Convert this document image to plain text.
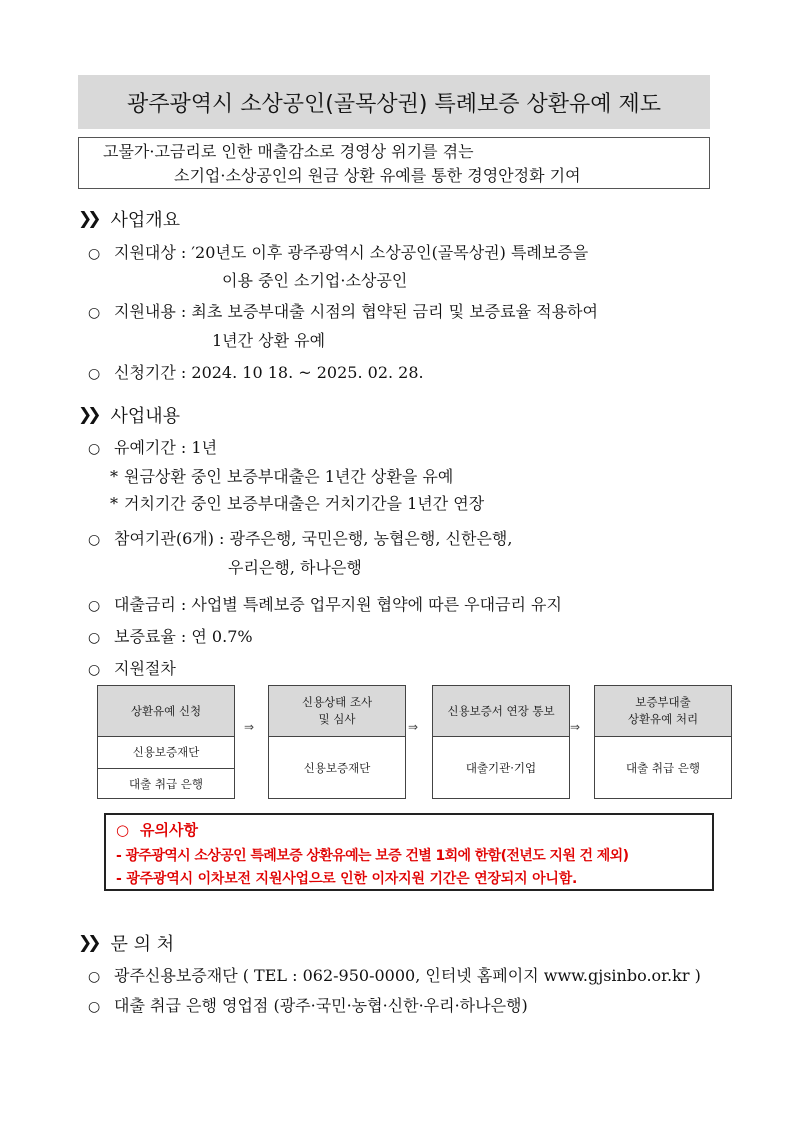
광주광역시 소상공인(골목상권) 특례보증 상환유예 제도
고물가·고금리로 인한 매출감소로 경영상 위기를 겪는
소기업·소상공인의 원금 상환 유예를 통한 경영안정화 기여
❯❯ 사업개요
○ 지원대상 : ′20년도 이후 광주광역시 소상공인(골목상권) 특례보증을
이용 중인 소기업·소상공인
○ 지원내용 : 최초 보증부대출 시점의 협약된 금리 및 보증료율 적용하여
1년간 상환 유예
○ 신청기간 : 2024. 10 18. ~ 2025. 02. 28.
❯❯ 사업내용
○ 유예기간 : 1년
* 원금상환 중인 보증부대출은 1년간 상환을 유예
* 거치기간 중인 보증부대출은 거치기간을 1년간 연장
○ 참여기관(6개) : 광주은행, 국민은행, 농협은행, 신한은행,
우리은행, 하나은행
○ 대출금리 : 사업별 특례보증 업무지원 협약에 따른 우대금리 유지
○ 보증료율 : 연 0.7%
○ 지원절차
상환유예 신청
신용보증재단
대출 취급 은행
⇒
신용상태 조사
및 심사
신용보증재단
⇒
신용보증서 연장 통보
대출기관·기업
⇒
보증부대출
상환유예 처리
대출 취급 은행
○ 유의사항
- 광주광역시 소상공인 특례보증 상환유예는 보증 건별 1회에 한함(전년도 지원 건 제외)
- 광주광역시 이차보전 지원사업으로 인한 이자지원 기간은 연장되지 아니함.
❯❯ 문 의 처
○ 광주신용보증재단 ( TEL : 062-950-0000, 인터넷 홈페이지 www.gjsinbo.or.kr )
○ 대출 취급 은행 영업점 (광주·국민·농협·신한·우리·하나은행)
